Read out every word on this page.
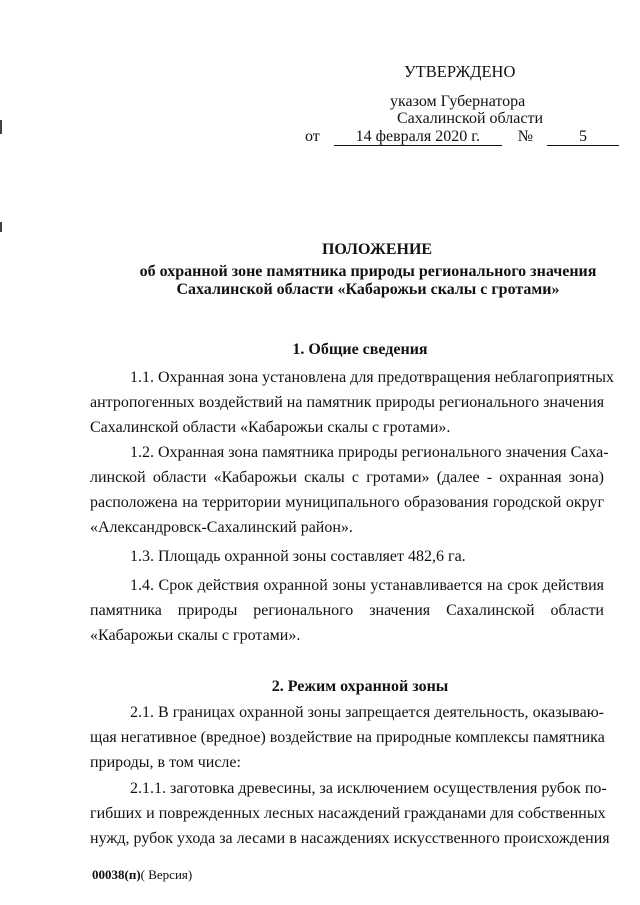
УТВЕРЖДЕНО
указом Губернатора
Сахалинской области
от 14 февраля 2020 г. №	5
ПОЛОЖЕНИЕ
об охранной зоне памятника природы регионального значения
Сахалинской области «Кабарожьи скалы с гротами»
1. Общие сведения
1.1. Охранная зона установлена для предотвращения неблагоприятных
антропогенных воздействий на памятник природы регионального значения
Сахалинской области «Кабарожьи скалы с гротами».
1.2. Охранная зона памятника природы регионального значения Саха-
линской области «Кабарожьи скалы с гротами» (далее - охранная зона)
расположена на территории муниципального образования городской округ
«Александровск-Сахалинский район».
1.3. Площадь охранной зоны составляет 482,6 га.
1.4. Срок действия охранной зоны устанавливается на срок действия
памятника природы регионального значения Сахалинской области
«Кабарожьи скалы с гротами».
2. Режим охранной зоны
2.1. В границах охранной зоны запрещается деятельность, оказываю-
щая негативное (вредное) воздействие на природные комплексы памятника
природы, в том числе:
2.1.1. заготовка древесины, за исключением осуществления рубок по-
гибших и поврежденных лесных насаждений гражданами для собственных
нужд, рубок ухода за лесами в насаждениях искусственного происхождения
00038(п)( Версия)
